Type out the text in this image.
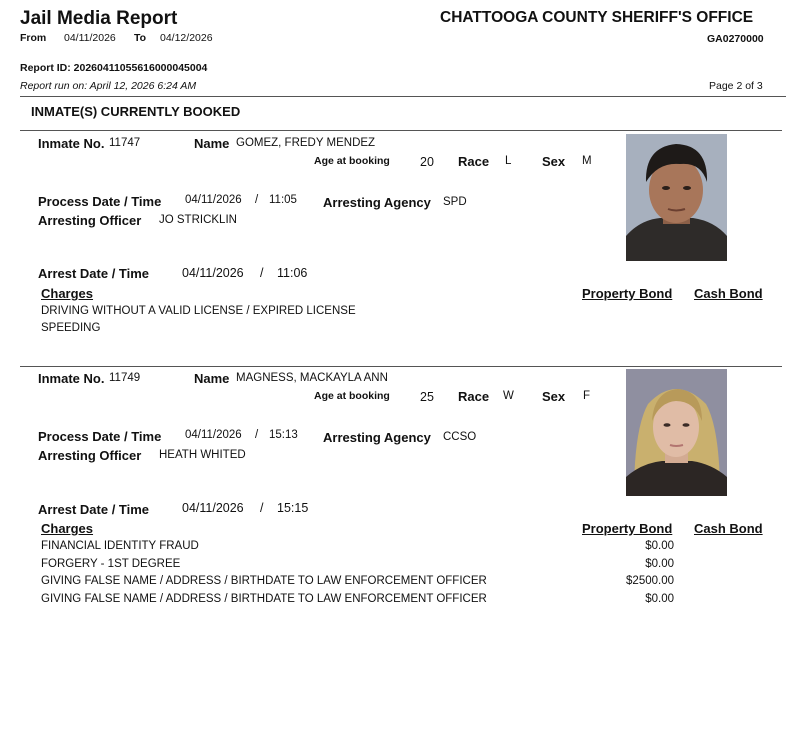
Jail Media Report	CHATTOOGA COUNTY SHERIFF'S OFFICE
From 04/11/2026 To 04/12/2026	GA0270000
Report ID: 20260411055616000045004
Report run on: April 12, 2026 6:24 AM	Page 2 of 3
INMATE(S) CURRENTLY BOOKED
Inmate No. 11747	Name GOMEZ, FREDY MENDEZ
Age at booking 20 Race L Sex M
Process Date / Time 04/11/2026 / 11:05 Arresting Agency SPD
Arresting Officer JO STRICKLIN
Arrest Date / Time	04/11/2026 / 11:06
Charges	Property Bond Cash Bond
DRIVING WITHOUT A VALID LICENSE / EXPIRED LICENSE
SPEEDING
Inmate No. 11749	Name MAGNESS, MACKAYLA ANN
Age at booking 25 Race W Sex F
Process Date / Time 04/11/2026 / 15:13 Arresting Agency CCSO
Arresting Officer HEATH WHITED
Arrest Date / Time	04/11/2026 / 15:15
Charges	Property Bond Cash Bond
FINANCIAL IDENTITY FRAUD	$0.00
FORGERY - 1ST DEGREE	$0.00
GIVING FALSE NAME / ADDRESS / BIRTHDATE TO LAW ENFORCEMENT OFFICER	$2500.00
GIVING FALSE NAME / ADDRESS / BIRTHDATE TO LAW ENFORCEMENT OFFICER	$0.00
